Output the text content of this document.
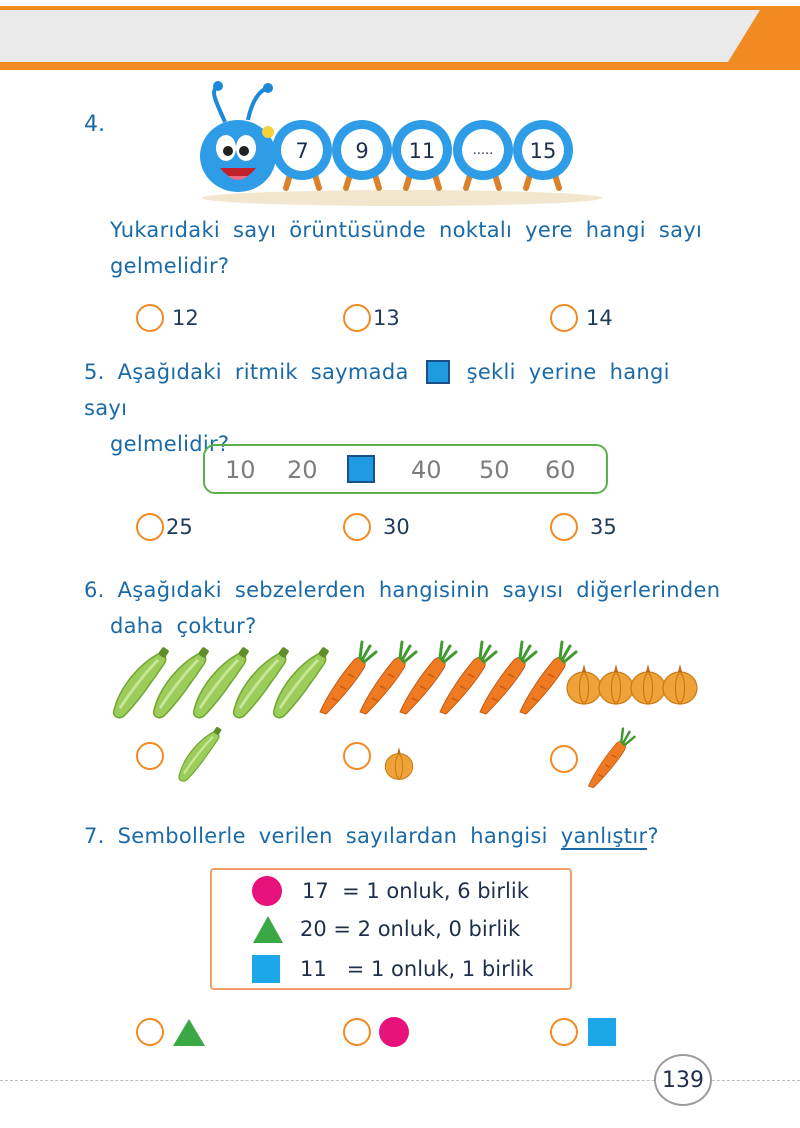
4.
7 9 11	..... 15
Yukarıdaki sayı örüntüsünde noktalı yere hangi sayı
gelmelidir?
12	13	14
5. Aşağıdaki ritmik saymada	şekli yerine hangi sayı
gelmelidir?
10 20	40 50 60
25	30	35
6. Aşağıdaki sebzelerden hangisinin sayısı diğerlerinden
daha çoktur?
7. Sembollerle verilen sayılardan hangisi yanlıştır?
17  = 1 onluk, 6 birlik
20 = 2 onluk, 0 birlik
11   = 1 onluk, 1 birlik
139
